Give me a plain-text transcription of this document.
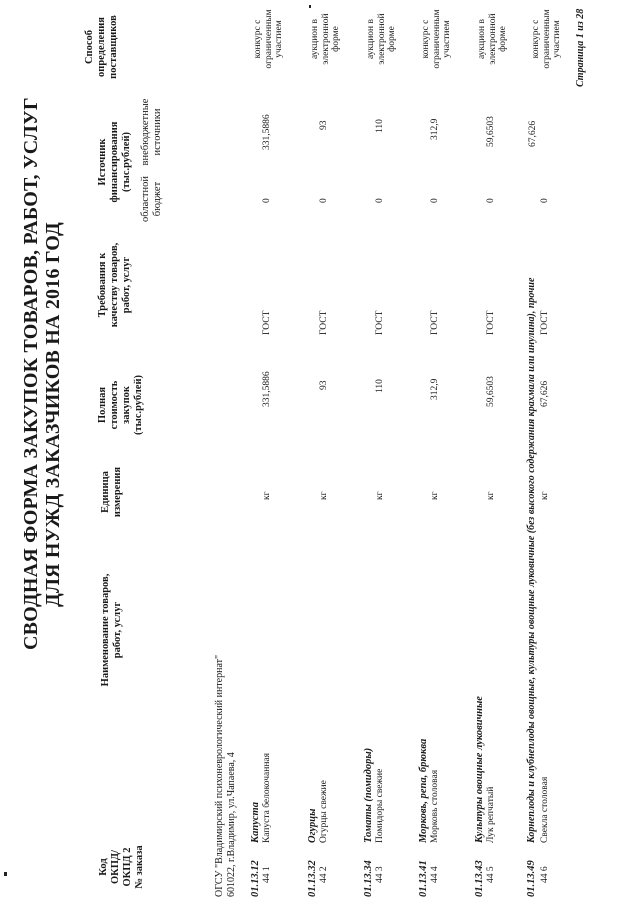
СВОДНАЯ ФОРМА ЗАКУПОК ТОВАРОВ, РАБОТ, УСЛУГ ДЛЯ НУЖД ЗАКАЗЧИКОВ НА 2016 ГОД
Код ОКПД/ ОКПД 2 № заказа
Наименование товаров, работ, услуг
Единица измерения
Полная стоимость закупок (тыс.рублей)
Требования к качеству товаров, работ, услуг
Источник финансирования (тыс.рублей)
областной бюджет
внебюджетные источники
Способ определения поставщиков
ОГСУ "Владимирский психоневрологический интернат" 601022, г.Владимир, ул.Чапаева, 4 01.13.12
Капуста
44 1
Капуста белокочанная
кг
331,5886
ГОСТ
0
331,5886
конкурс с ограниченным участием
01.13.32
Огурцы
44 2
Огурцы свежие
кг
93
ГОСТ
0
93
аукцион в электронной форме
01.13.34
Томаты (помидоры)
44 3
Помидоры свежие
кг
110
ГОСТ
0
110
аукцион в электронной форме
01.13.41
Морковь, репа, брюква
44 4
Морковь столовая
кг
312,9
ГОСТ
0
312,9
конкурс с ограниченным участием
01.13.43
Культуры овощные луковичные
44 5
Лук репчатый
кг
59,6503
ГОСТ
0
59,6503
аукцион в электронной форме
01.13.49
Корнеплоды и клубнеплоды овощные, культуры овощные луковичные (без высокого содержания крахмала или инулина), прочие
44 6
Свекла столовая
кг
67,626
ГОСТ
0
67,626
конкурс с ограниченным участием Страница 1 из 28
